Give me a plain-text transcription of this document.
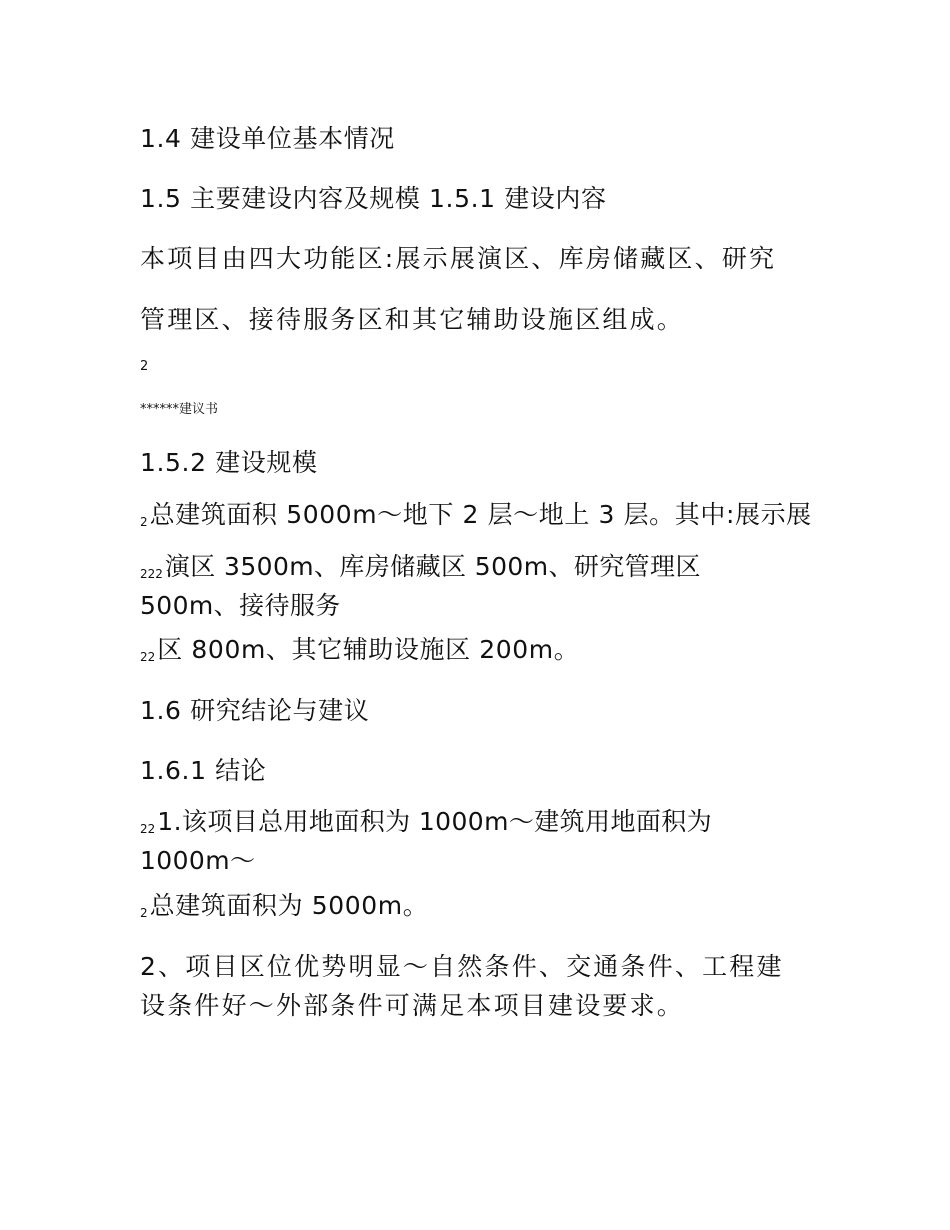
1.4 建设单位基本情况
1.5 主要建设内容及规模 1.5.1 建设内容
本项目由四大功能区:展示展演区、库房储藏区、研究
管理区、接待服务区和其它辅助设施区组成。
2
******建议书
1.5.2 建设规模
$_2$总建筑面积 5000m～地下 2 层～地上 3 层。其中:展示展
$_{222}$演区 3500m、库房储藏区 500m、研究管理区
500m、接待服务
$_{22}$区 800m、其它辅助设施区 200m。
1.6 研究结论与建议
1.6.1 结论
$_{22}$1.该项目总用地面积为 1000m～建筑用地面积为
1000m～
$_2$总建筑面积为 5000m。
2、项目区位优势明显～自然条件、交通条件、工程建
设条件好～外部条件可满足本项目建设要求。
